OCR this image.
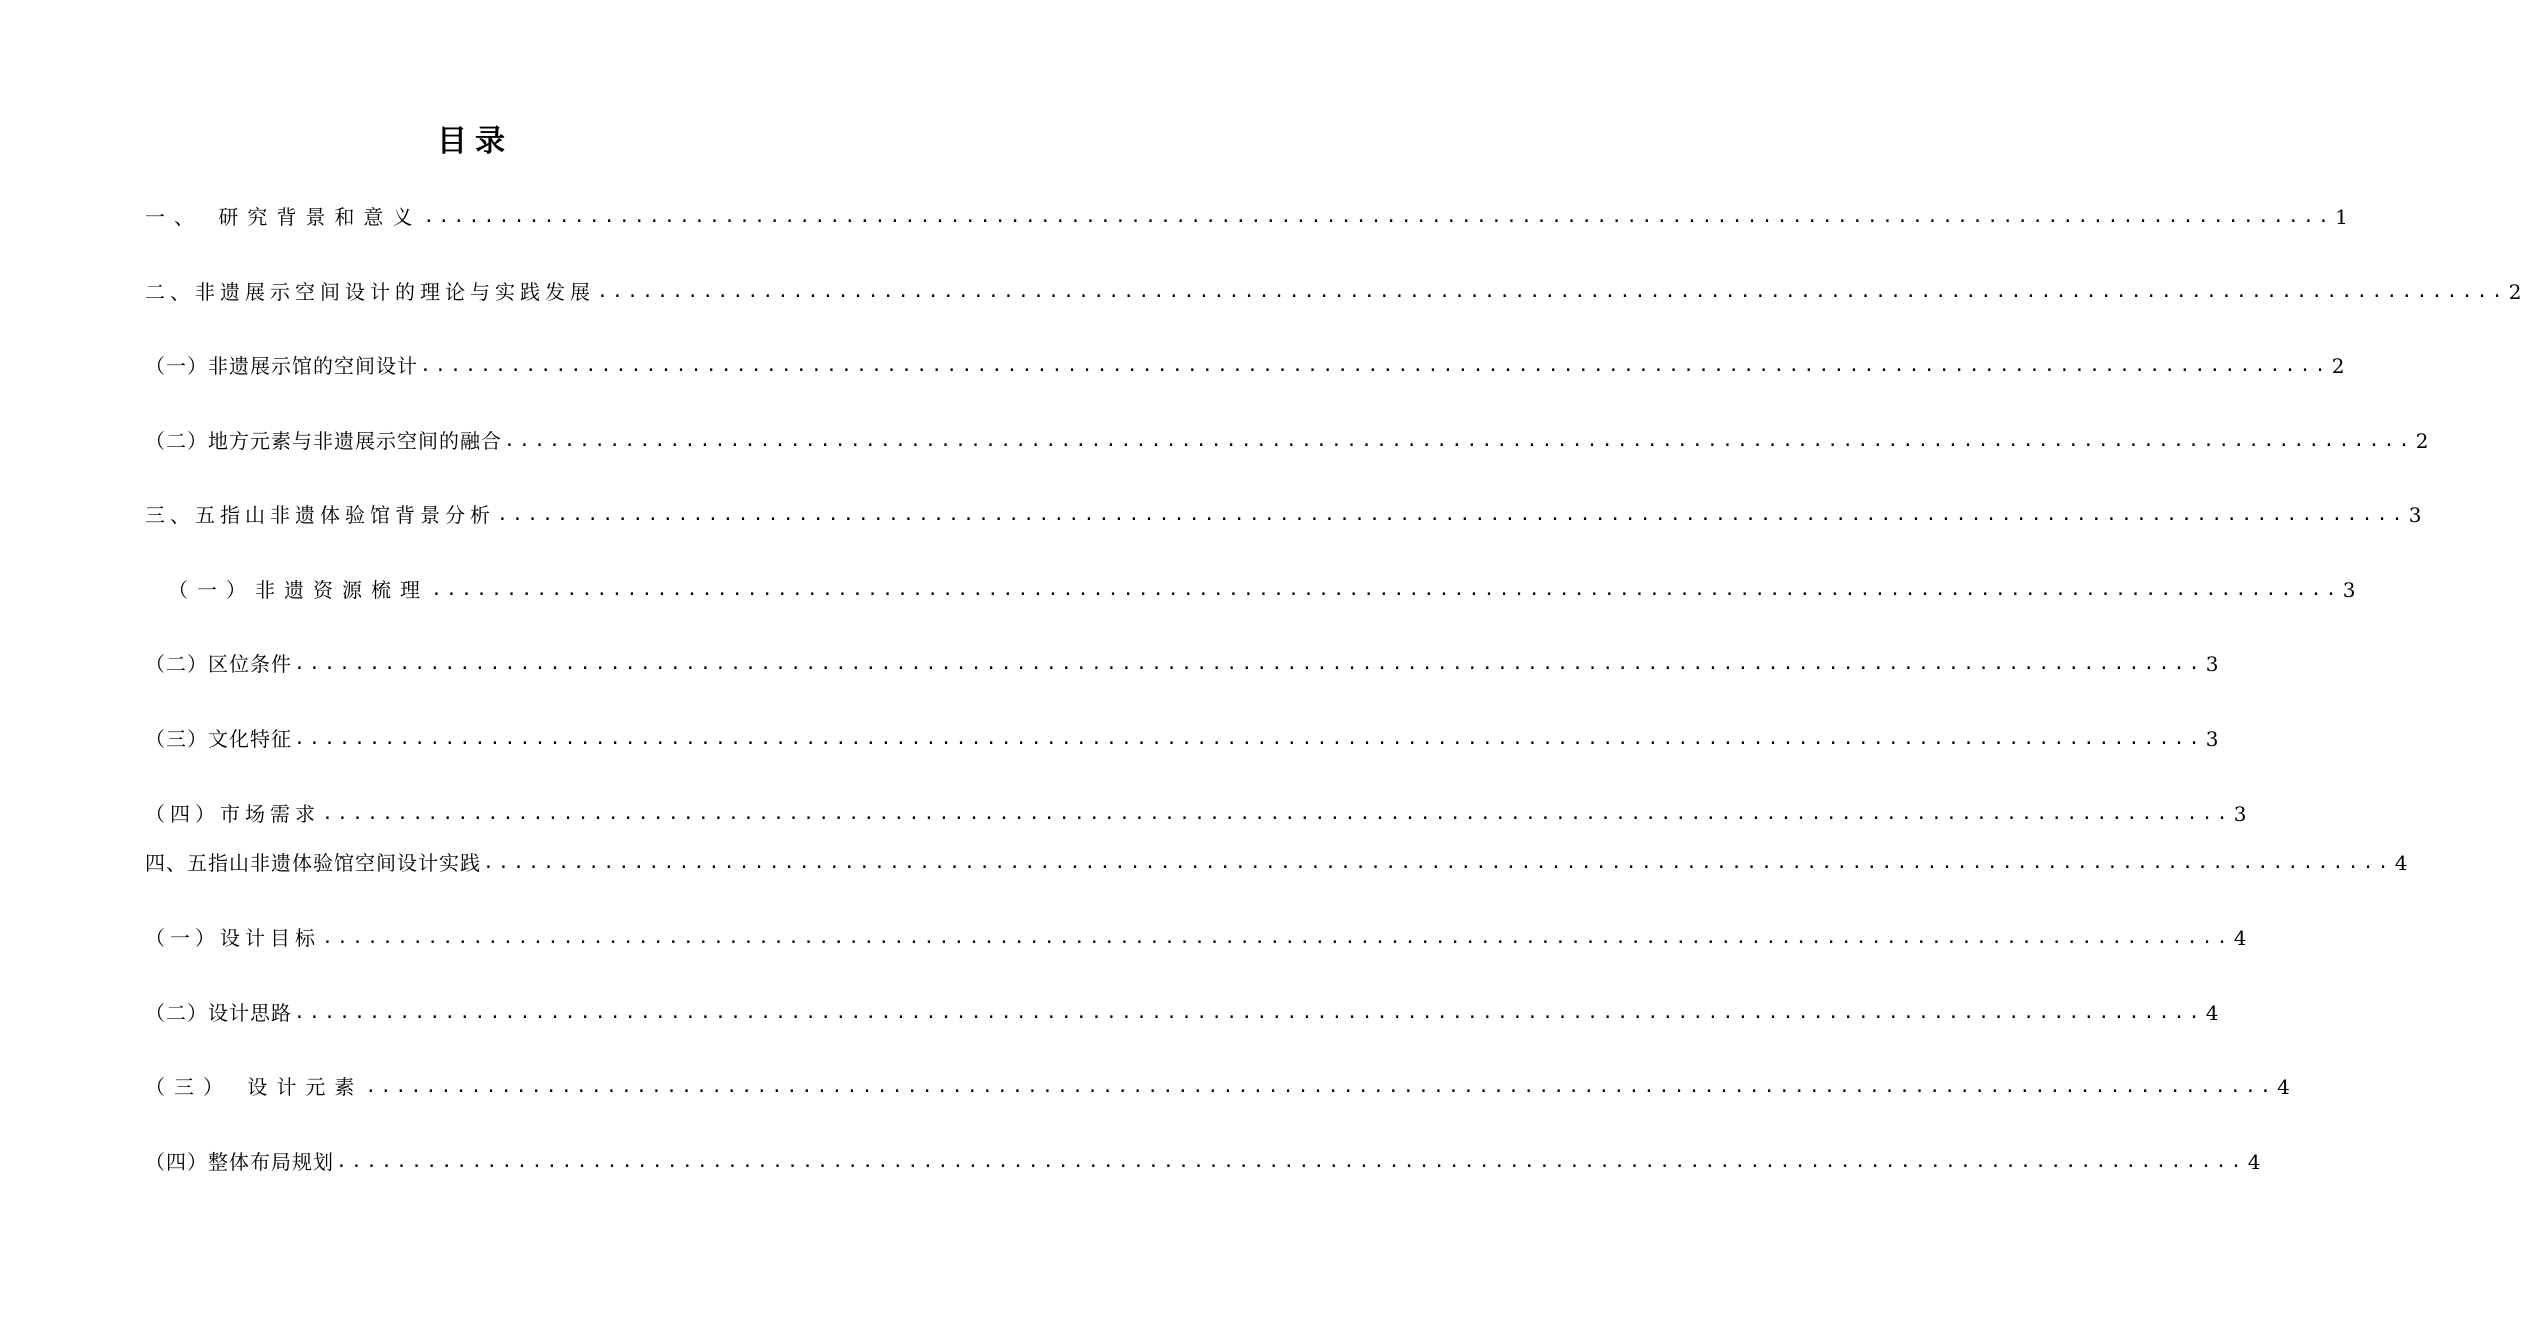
目录
一、 研究背景和意义 ............................................................................................................................... 1
二、非遗展示空间设计的理论与实践发展 ............................................................................................................................... 2
（一）非遗展示馆的空间设计 ............................................................................................................................... 2
（二）地方元素与非遗展示空间的融合 ............................................................................................................................... 2
三、五指山非遗体验馆背景分析 ............................................................................................................................... 3
（一）非遗资源梳理 ............................................................................................................................... 3
（二）区位条件 ............................................................................................................................... 3
（三）文化特征 ............................................................................................................................... 3
（四）市场需求 ............................................................................................................................... 3
四、五指山非遗体验馆空间设计实践 ............................................................................................................................... 4
（一）设计目标 ............................................................................................................................... 4
（二）设计思路 ............................................................................................................................... 4
（三） 设计元素 ............................................................................................................................... 4
（四）整体布局规划 ............................................................................................................................... 4
